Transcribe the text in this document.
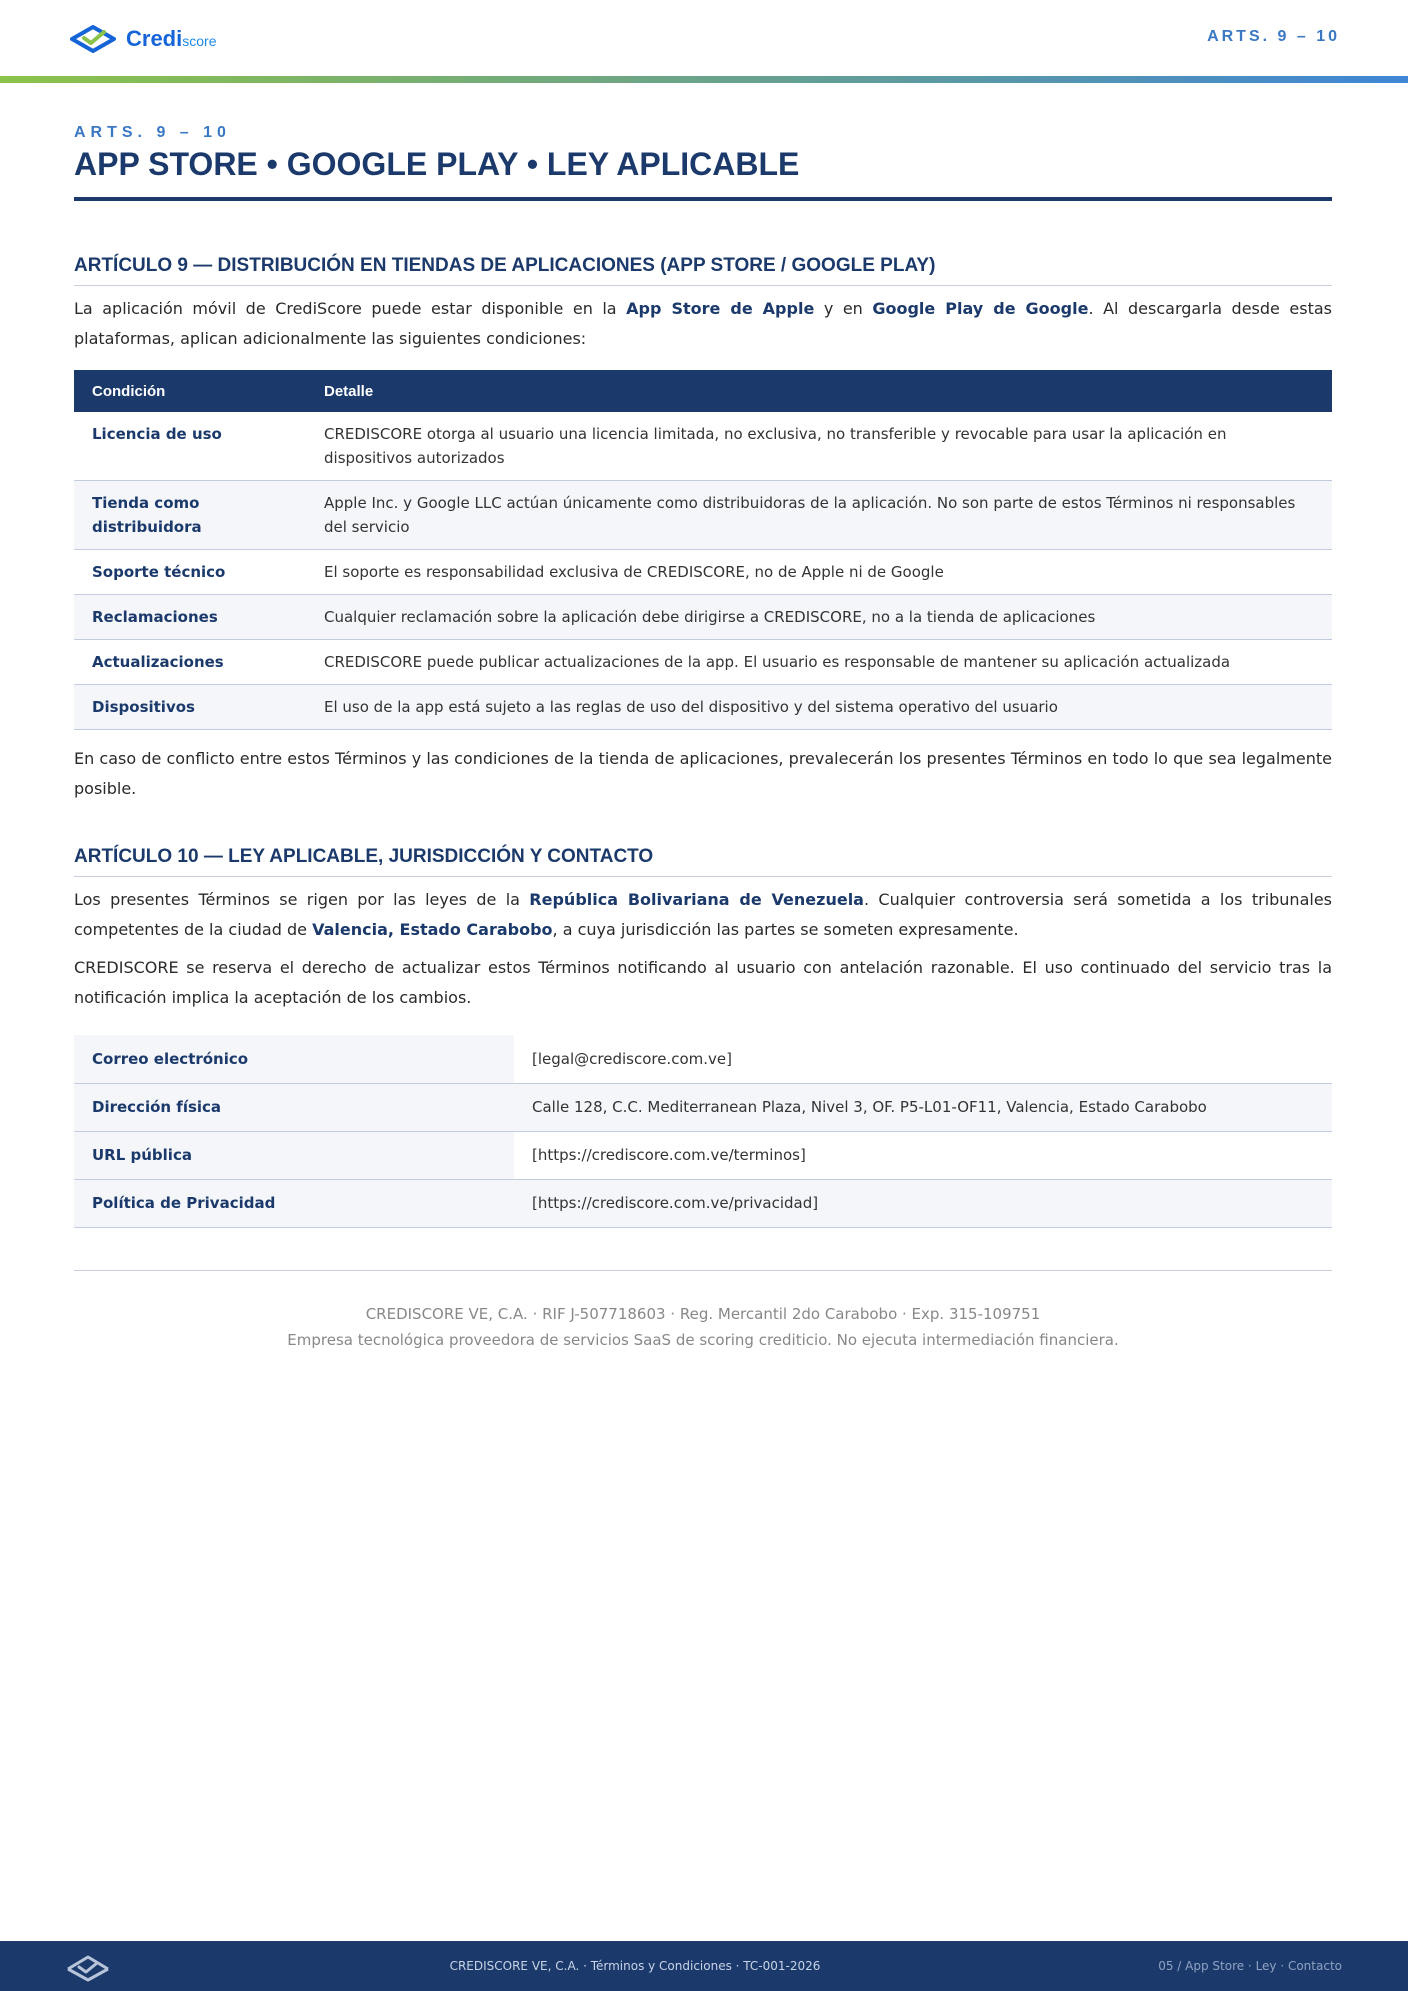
Crediscore	ARTS. 9 – 10
ARTS. 9 – 10
APP STORE • GOOGLE PLAY • LEY APLICABLE
ARTÍCULO 9 — DISTRIBUCIÓN EN TIENDAS DE APLICACIONES (APP STORE / GOOGLE PLAY)

La aplicación móvil de CrediScore puede estar disponible en la App Store de Apple y en Google Play de Google. Al descargarla desde estas plataformas, aplican adicionalmente las siguientes condiciones:

Condición	Detalle
Licencia de uso	CREDISCORE otorga al usuario una licencia limitada, no exclusiva, no transferible y revocable para usar la aplicación en dispositivos autorizados
Tienda como distribuidora	Apple Inc. y Google LLC actúan únicamente como distribuidoras de la aplicación. No son parte de estos Términos ni responsables del servicio
Soporte técnico	El soporte es responsabilidad exclusiva de CREDISCORE, no de Apple ni de Google
Reclamaciones	Cualquier reclamación sobre la aplicación debe dirigirse a CREDISCORE, no a la tienda de aplicaciones
Actualizaciones	CREDISCORE puede publicar actualizaciones de la app. El usuario es responsable de mantener su aplicación actualizada
Dispositivos	El uso de la app está sujeto a las reglas de uso del dispositivo y del sistema operativo del usuario

En caso de conflicto entre estos Términos y las condiciones de la tienda de aplicaciones, prevalecerán los presentes Términos en todo lo que sea legalmente posible.

ARTÍCULO 10 — LEY APLICABLE, JURISDICCIÓN Y CONTACTO

Los presentes Términos se rigen por las leyes de la República Bolivariana de Venezuela. Cualquier controversia será sometida a los tribunales competentes de la ciudad de Valencia, Estado Carabobo, a cuya jurisdicción las partes se someten expresamente.

CREDISCORE se reserva el derecho de actualizar estos Términos notificando al usuario con antelación razonable. El uso continuado del servicio tras la notificación implica la aceptación de los cambios.

Correo electrónico	[legal@crediscore.com.ve]
Dirección física	Calle 128, C.C. Mediterranean Plaza, Nivel 3, OF. P5-L01-OF11, Valencia, Estado Carabobo
URL pública	[https://crediscore.com.ve/terminos]
Política de Privacidad	[https://crediscore.com.ve/privacidad]
CREDISCORE VE, C.A. · RIF J-507718603 · Reg. Mercantil 2do Carabobo · Exp. 315-109751
Empresa tecnológica proveedora de servicios SaaS de scoring crediticio. No ejecuta intermediación financiera.
CREDISCORE VE, C.A. · Términos y Condiciones · TC-001-2026	05 / App Store · Ley · Contacto
